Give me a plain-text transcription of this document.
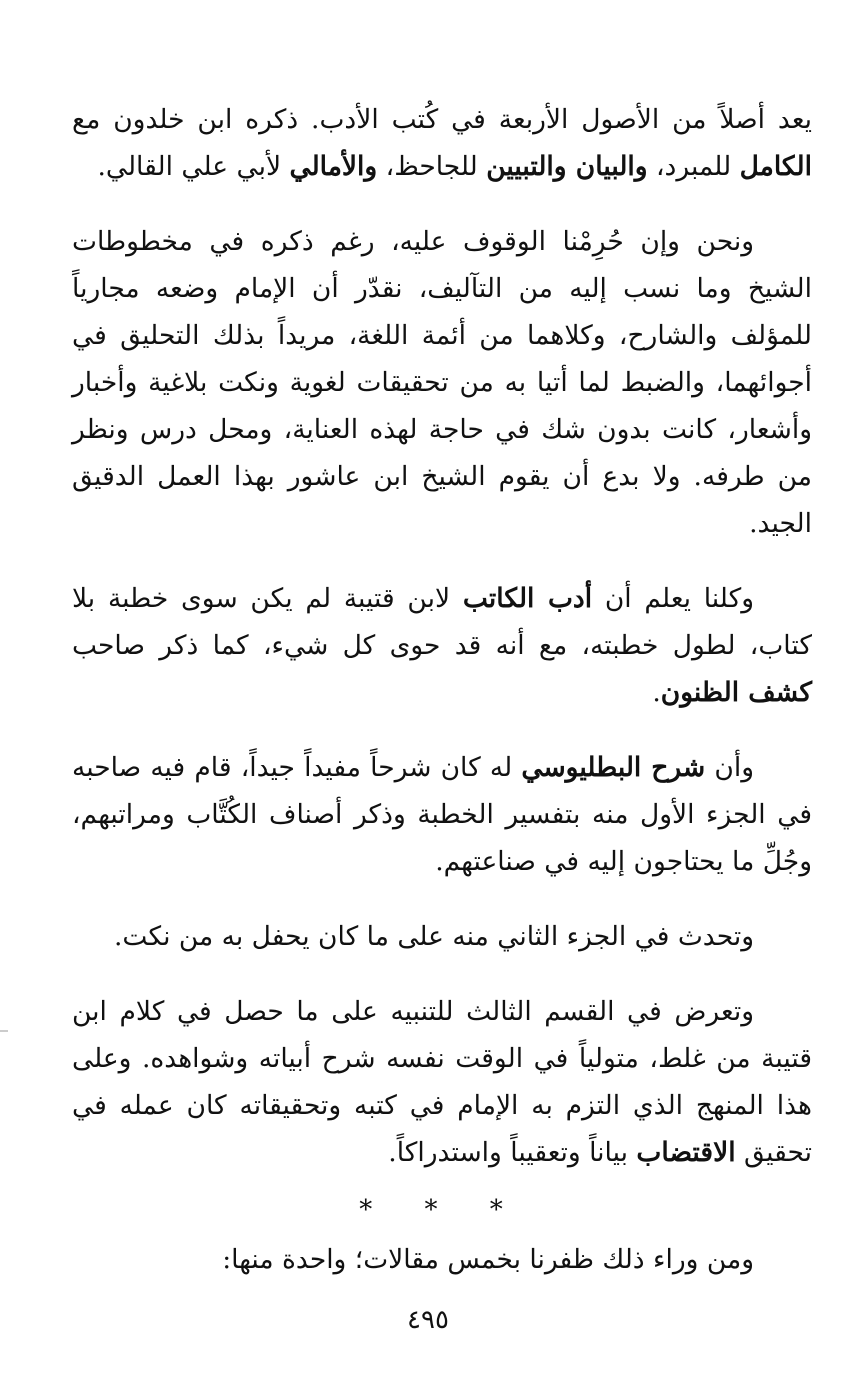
يعد أصلاً من الأصول الأربعة في كُتب الأدب. ذكره ابن خلدون مع الكامل للمبرد، والبيان والتبيين للجاحظ، والأمالي لأبي علي القالي.

ونحن وإن حُرِمْنا الوقوف عليه، رغم ذكره في مخطوطات الشيخ وما نسب إليه من التآليف، نقدّر أن الإمام وضعه مجارياً للمؤلف والشارح، وكلاهما من أئمة اللغة، مريداً بذلك التحليق في أجوائهما، والضبط لما أتيا به من تحقيقات لغوية ونكت بلاغية وأخبار وأشعار، كانت بدون شك في حاجة لهذه العناية، ومحل درس ونظر من طرفه. ولا بدع أن يقوم الشيخ ابن عاشور بهذا العمل الدقيق الجيد.

وكلنا يعلم أن أدب الكاتب لابن قتيبة لم يكن سوى خطبة بلا كتاب، لطول خطبته، مع أنه قد حوى كل شيء، كما ذكر صاحب كشف الظنون.

وأن شرح البطليوسي له كان شرحاً مفيداً جيداً، قام فيه صاحبه في الجزء الأول منه بتفسير الخطبة وذكر أصناف الكُتَّاب ومراتبهم، وجُلِّ ما يحتاجون إليه في صناعتهم.

وتحدث في الجزء الثاني منه على ما كان يحفل به من نكت.

وتعرض في القسم الثالث للتنبيه على ما حصل في كلام ابن قتيبة من غلط، متولياً في الوقت نفسه شرح أبياته وشواهده. وعلى هذا المنهج الذي التزم به الإمام في كتبه وتحقيقاته كان عمله في تحقيق الاقتضاب بياناً وتعقيباً واستدراكاً.

* * *

ومن وراء ذلك ظفرنا بخمس مقالات؛ واحدة منها:

٤٩٥
